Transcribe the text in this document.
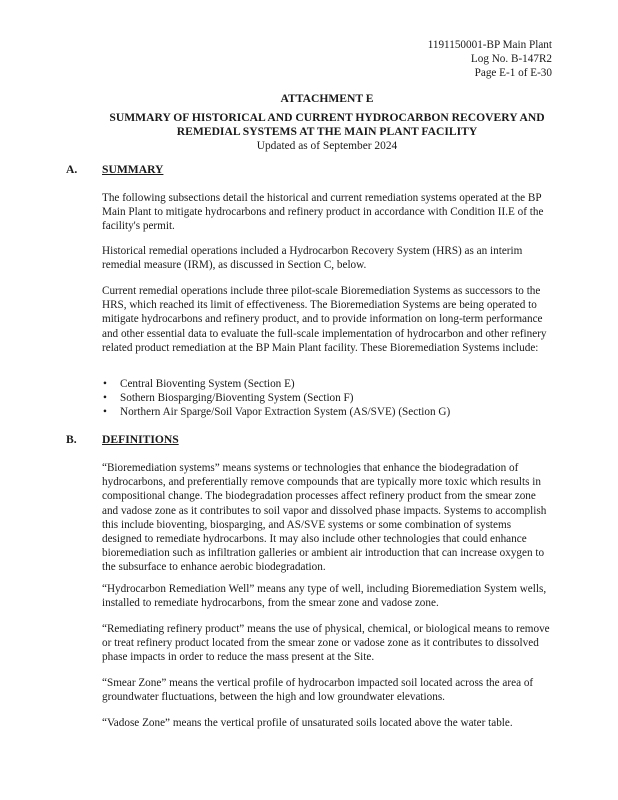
1191150001-BP Main Plant
Log No. B-147R2
Page E-1 of E-30
ATTACHMENT E
SUMMARY OF HISTORICAL AND CURRENT HYDROCARBON RECOVERY AND REMEDIAL SYSTEMS AT THE MAIN PLANT FACILITY
Updated as of September 2024
A. SUMMARY
The following subsections detail the historical and current remediation systems operated at the BP Main Plant to mitigate hydrocarbons and refinery product in accordance with Condition II.E of the facility's permit.
Historical remedial operations included a Hydrocarbon Recovery System (HRS) as an interim remedial measure (IRM), as discussed in Section C, below.
Current remedial operations include three pilot-scale Bioremediation Systems as successors to the HRS, which reached its limit of effectiveness. The Bioremediation Systems are being operated to mitigate hydrocarbons and refinery product, and to provide information on long-term performance and other essential data to evaluate the full-scale implementation of hydrocarbon and other refinery related product remediation at the BP Main Plant facility. These Bioremediation Systems include:
• Central Bioventing System (Section E)
• Sothern Biosparging/Bioventing System (Section F)
• Northern Air Sparge/Soil Vapor Extraction System (AS/SVE) (Section G)
B. DEFINITIONS
“Bioremediation systems” means systems or technologies that enhance the biodegradation of hydrocarbons, and preferentially remove compounds that are typically more toxic which results in compositional change. The biodegradation processes affect refinery product from the smear zone and vadose zone as it contributes to soil vapor and dissolved phase impacts. Systems to accomplish this include bioventing, biosparging, and AS/SVE systems or some combination of systems designed to remediate hydrocarbons. It may also include other technologies that could enhance bioremediation such as infiltration galleries or ambient air introduction that can increase oxygen to the subsurface to enhance aerobic biodegradation.
“Hydrocarbon Remediation Well” means any type of well, including Bioremediation System wells, installed to remediate hydrocarbons, from the smear zone and vadose zone.
“Remediating refinery product” means the use of physical, chemical, or biological means to remove or treat refinery product located from the smear zone or vadose zone as it contributes to dissolved phase impacts in order to reduce the mass present at the Site.
“Smear Zone” means the vertical profile of hydrocarbon impacted soil located across the area of groundwater fluctuations, between the high and low groundwater elevations.
“Vadose Zone” means the vertical profile of unsaturated soils located above the water table.
